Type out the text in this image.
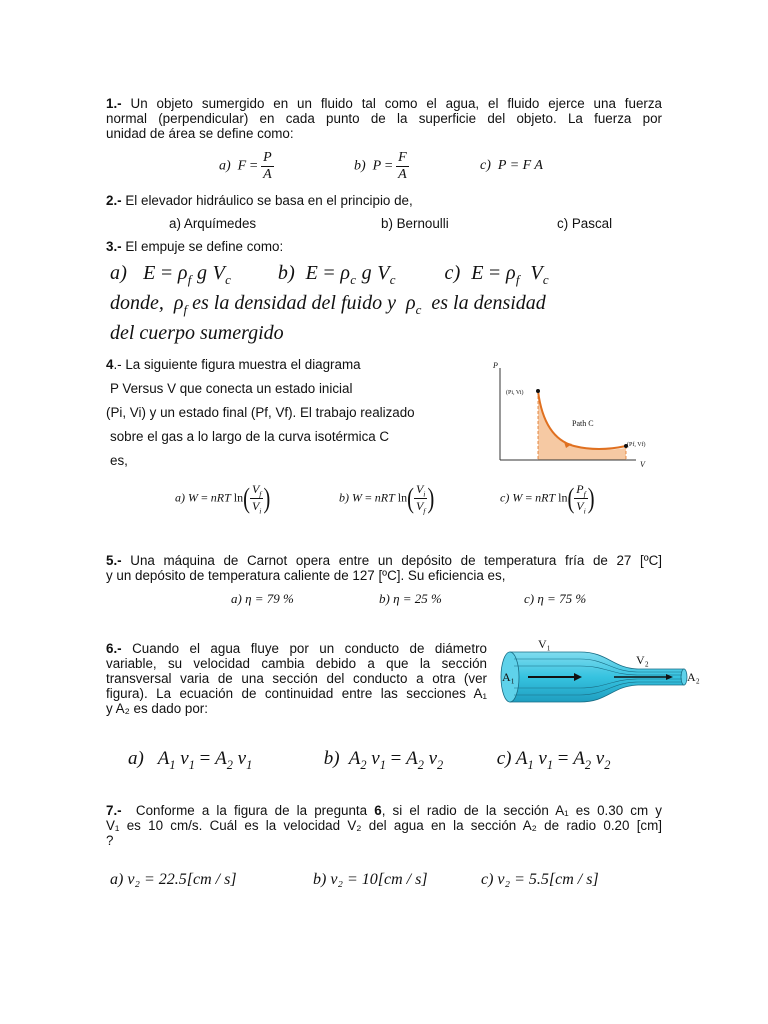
1.- Un objeto sumergido en un fluido tal como el agua, el fluido ejerce una fuerza
normal (perpendicular) en cada punto de la superficie del objeto. La fuerza por
unidad de área se define como:
a)  $F = \frac{P}{A}$	b)  $P = \frac{F}{A}$	c) P = F A
2.- El elevador hidráulico se basa en el principio de,
a) Arquímedes	b) Bernoulli	c) Pascal
3.- El empuje se define como:
a)   $E = \rho_f$ g $V_c$  b)  $E = \rho_c$ g $V_c$  c)  $E = \rho_f$  $V_c$
donde,  $\rho_f$ es la densidad del fuido y  $\rho_c$ es la densidad
del cuerpo sumergido
4.- La siguiente figura muestra el diagrama
P Versus V que conecta un estado inicial
(Pi, Vi) y un estado final (Pf, Vf). El trabajo realizado
sobre el gas a lo largo de la curva isotérmica C
es,
P
V
(Pi, Vi)
(Pf, Vf)
Path C
a) W = nRT $\ln( \frac{V_f}{V_i}$ )	b) W = nRT $\ln( \frac{V_i}{V_f}$ )	c) W = nRT $\ln( \frac{P_f}{V_i}$ )
5.- Una máquina de Carnot opera entre un depósito de temperatura fría de 27 [ºC]
y un depósito de temperatura caliente de 127 [ºC]. Su eficiencia es,
a) η = 79 %	b) η = 25 %	c) η = 75 %
6.- Cuando el agua fluye por un conducto de diámetro
variable, su velocidad cambia debido a que la sección
transversal varia de una sección del conducto a otra (ver
figura). La ecuación de continuidad entre las secciones A₁
y A₂ es dado por:
V₁
V₂
A₁	A₂
a)   $A_1$ $v_1 = A_2$ $v_1$	b)  $A_2$ $v_1 = A_2$ $v_2$	c) $A_1$ $v_1 = A_2$ $v_2$
7.- Conforme a la figura de la pregunta 6, si el radio de la sección A₁ es 0.30 cm y
V₁ es 10 cm/s. Cuál es la velocidad V₂ del agua en la sección A₂ de radio 0.20 [cm]
?
a) v₂ = 22.5[cm / s]	b) v₂ = 10[cm / s]	c) v₂ = 5.5[cm / s]
